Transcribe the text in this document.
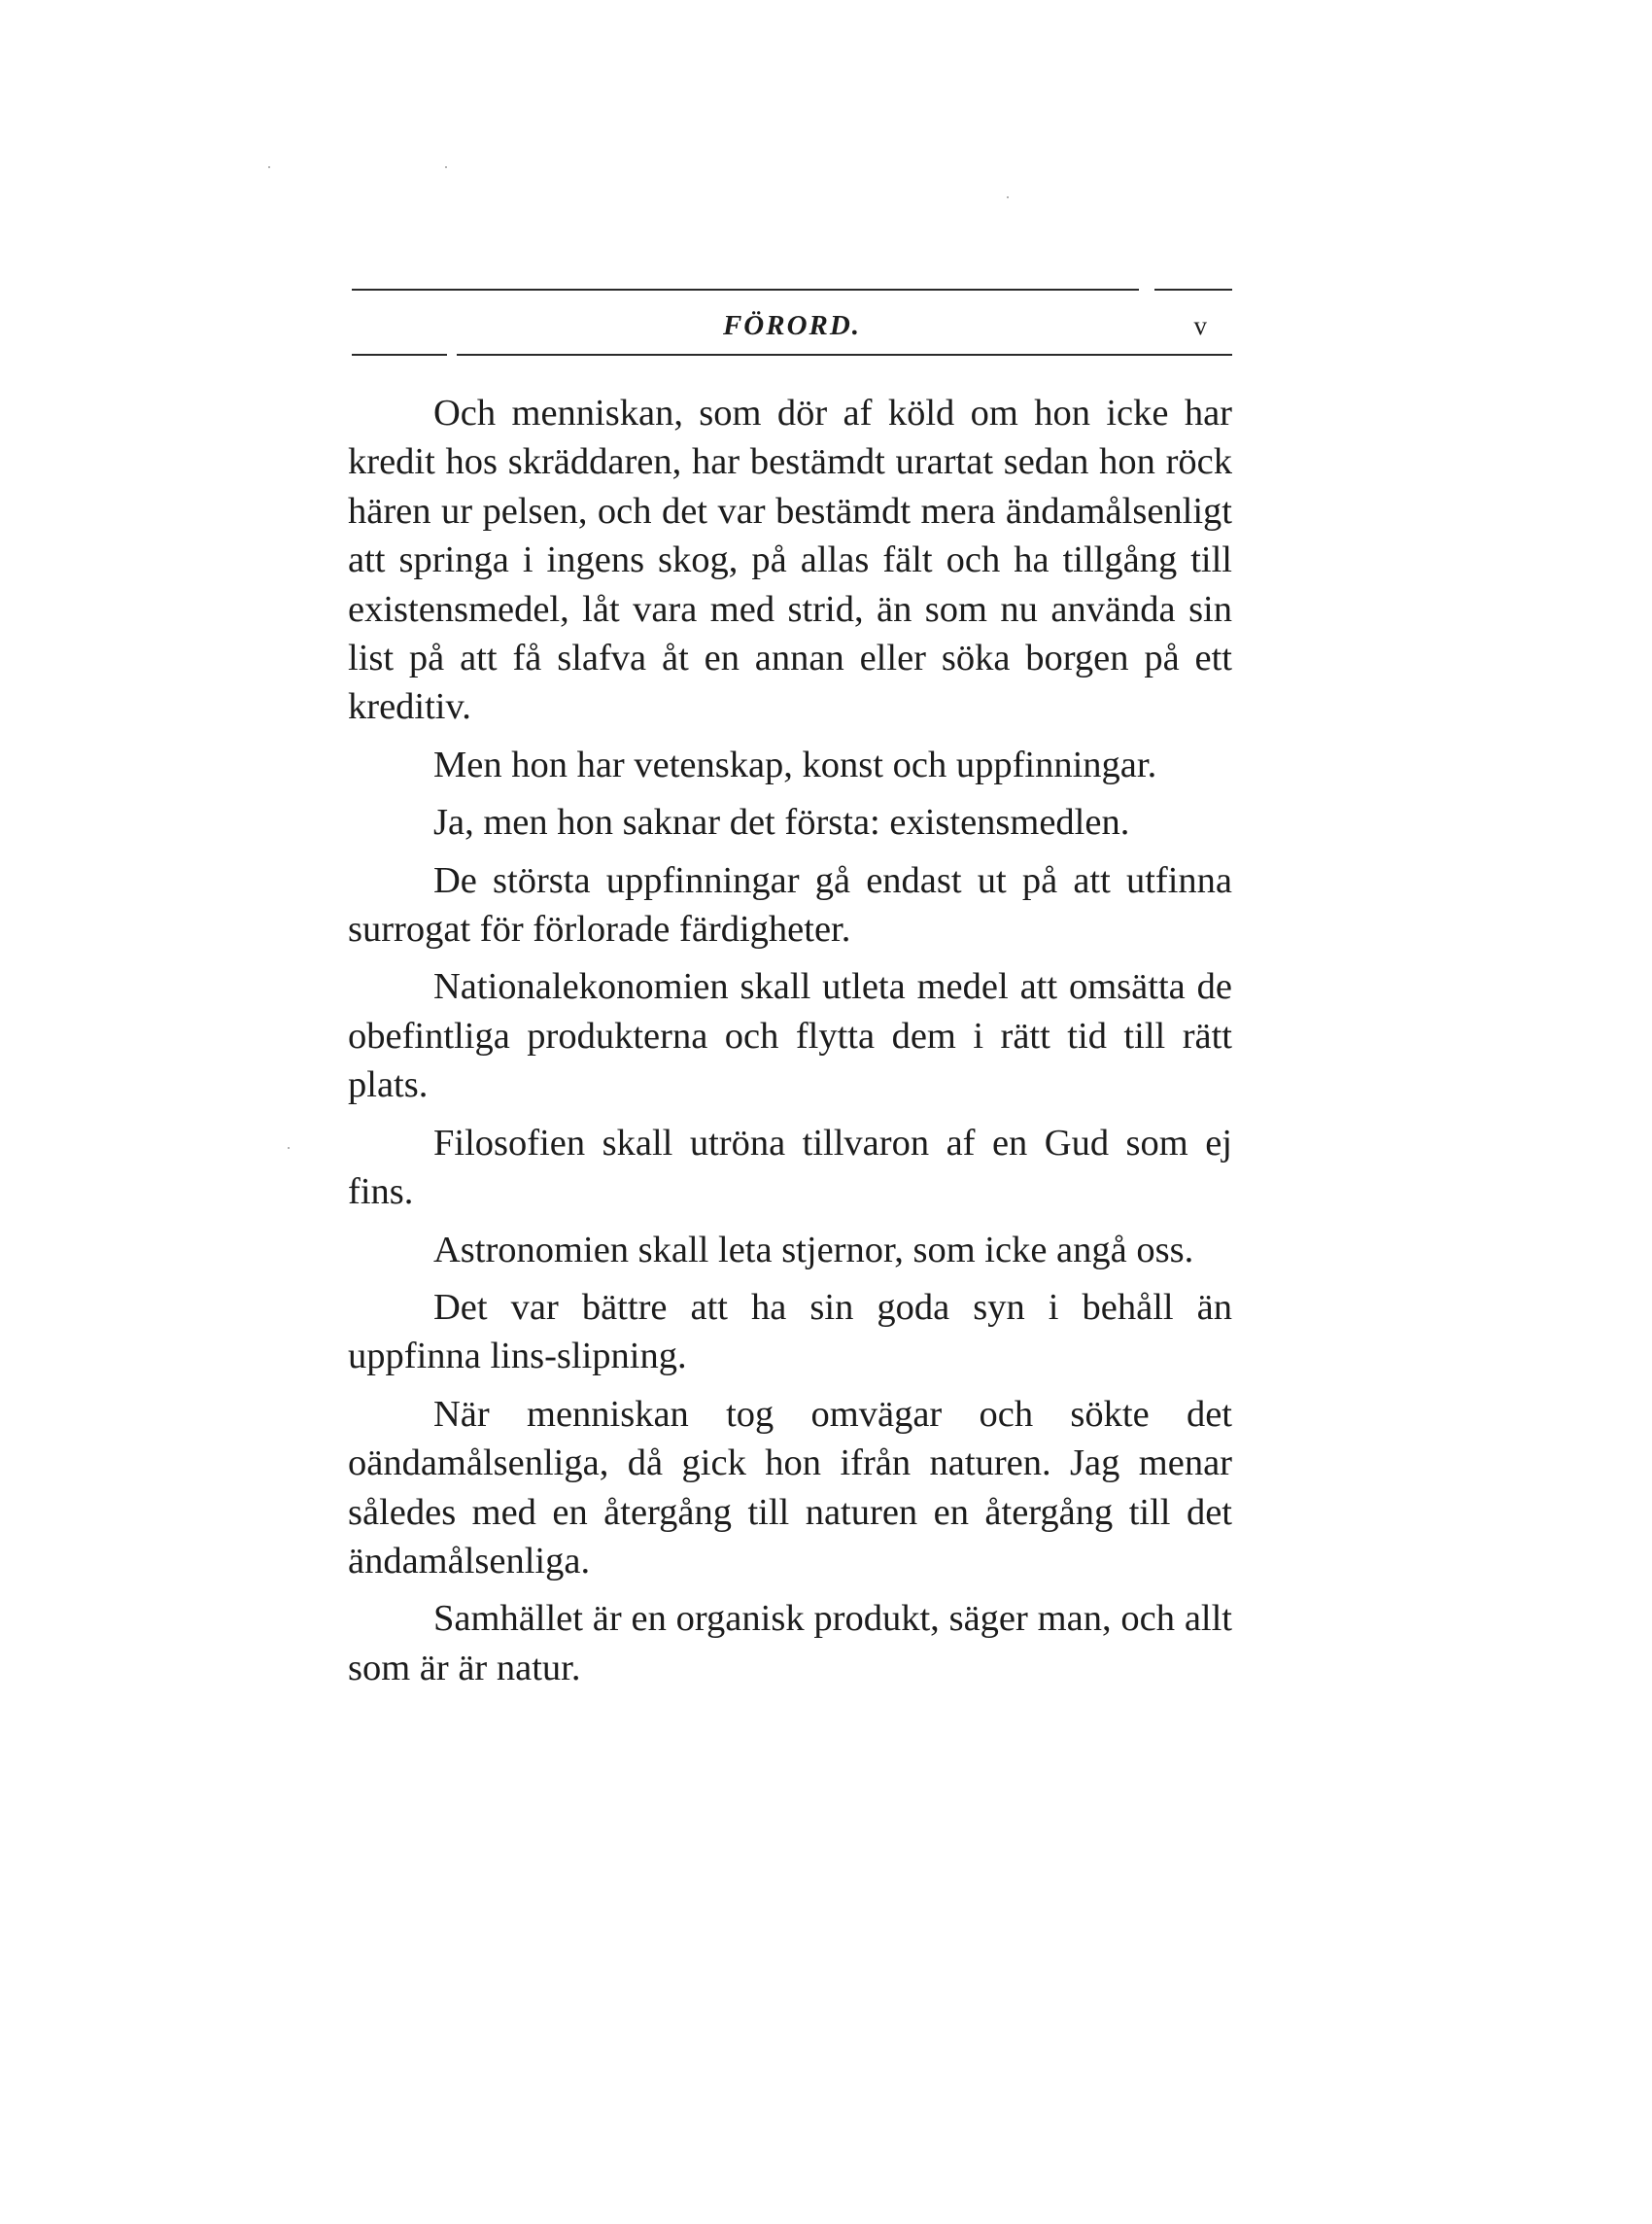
FÖRORD.	v

Och menniskan, som dör af köld om hon icke har kredit hos skräddaren, har bestämdt urartat sedan hon röck hären ur pelsen, och det var bestämdt mera ändamålsenligt att springa i ingens skog, på allas fält och ha tillgång till existensmedel, låt vara med strid, än som nu använda sin list på att få slafva åt en annan eller söka borgen på ett kreditiv.

Men hon har vetenskap, konst och uppfinningar.

Ja, men hon saknar det första: existensmedlen.

De största uppfinningar gå endast ut på att utfinna surrogat för förlorade färdigheter.

Nationalekonomien skall utleta medel att omsätta de obefintliga produkterna och flytta dem i rätt tid till rätt plats.

Filosofien skall utröna tillvaron af en Gud som ej fins.

Astronomien skall leta stjernor, som icke angå oss.

Det var bättre att ha sin goda syn i behåll än uppfinna lins-slipning.

När menniskan tog omvägar och sökte det oändamålsenliga, då gick hon ifrån naturen. Jag menar således med en återgång till naturen en återgång till det ändamålsenliga.

Samhället är en organisk produkt, säger man, och allt som är är natur.
